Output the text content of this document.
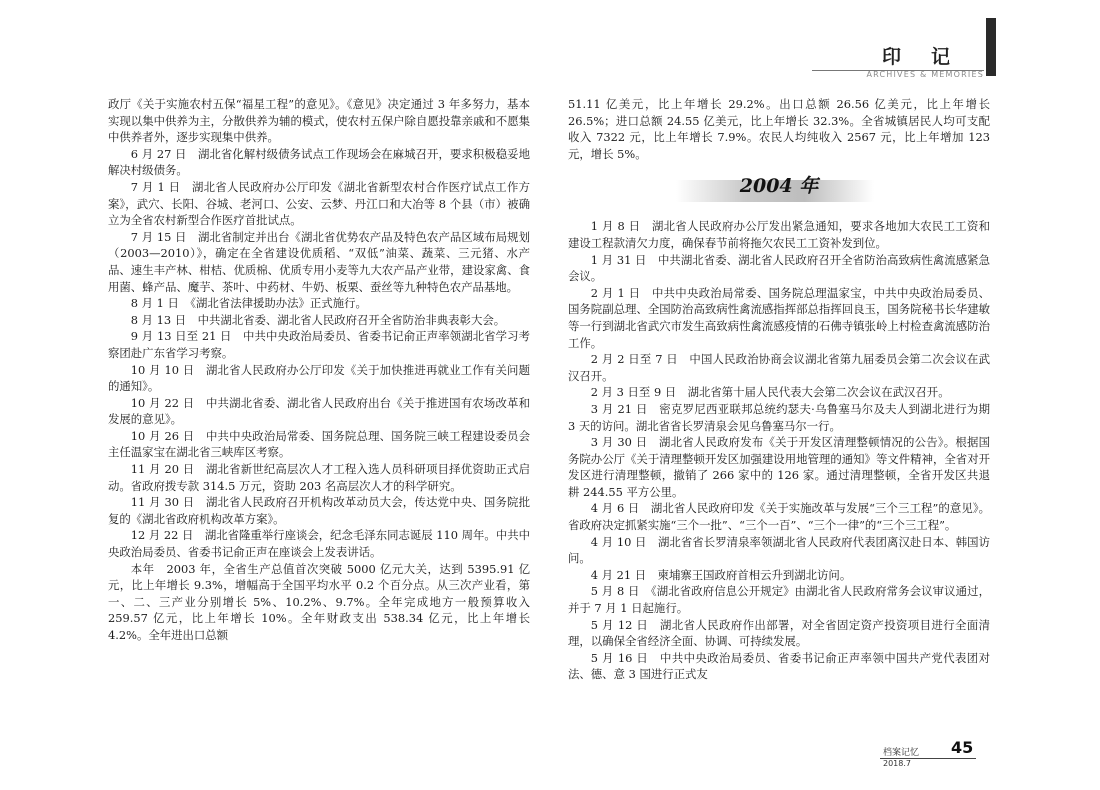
印记
ARCHIVES & MEMORIES

政厅《关于实施农村五保“福星工程”的意见》。《意见》决定通过 3 年多努力，基本实现以集中供养为主，分散供养为辅的模式，使农村五保户除自愿投靠亲戚和不愿集中供养者外，逐步实现集中供养。

6 月 27 日　湖北省化解村级债务试点工作现场会在麻城召开，要求积极稳妥地解决村级债务。

7 月 1 日　湖北省人民政府办公厅印发《湖北省新型农村合作医疗试点工作方案》，武穴、长阳、谷城、老河口、公安、云梦、丹江口和大冶等 8 个县（市）被确立为全省农村新型合作医疗首批试点。

7 月 15 日　湖北省制定并出台《湖北省优势农产品及特色农产品区域布局规划（2003—2010）》，确定在全省建设优质稻、“双低”油菜、蔬菜、三元猪、水产品、速生丰产林、柑桔、优质棉、优质专用小麦等九大农产品产业带，建设家禽、食用菌、蜂产品、魔芋、茶叶、中药材、牛奶、板栗、蚕丝等九种特色农产品基地。

8 月 1 日　《湖北省法律援助办法》正式施行。

8 月 13 日　中共湖北省委、湖北省人民政府召开全省防治非典表彰大会。

9 月 13 日至 21 日　中共中央政治局委员、省委书记俞正声率领湖北省学习考察团赴广东省学习考察。

10 月 10 日　湖北省人民政府办公厅印发《关于加快推进再就业工作有关问题的通知》。

10 月 22 日　中共湖北省委、湖北省人民政府出台《关于推进国有农场改革和发展的意见》。

10 月 26 日　中共中央政治局常委、国务院总理、国务院三峡工程建设委员会主任温家宝在湖北省三峡库区考察。

11 月 20 日　湖北省新世纪高层次人才工程入选人员科研项目择优资助正式启动。省政府拨专款 314.5 万元，资助 203 名高层次人才的科学研究。

11 月 30 日　湖北省人民政府召开机构改革动员大会，传达党中央、国务院批复的《湖北省政府机构改革方案》。

12 月 22 日　湖北省隆重举行座谈会，纪念毛泽东同志诞辰 110 周年。中共中央政治局委员、省委书记俞正声在座谈会上发表讲话。

本年　2003 年，全省生产总值首次突破 5000 亿元大关，达到 5395.91 亿元，比上年增长 9.3%，增幅高于全国平均水平 0.2 个百分点。从三次产业看，第一、二、三产业分别增长 5%、10.2%、9.7%。全年完成地方一般预算收入 259.57 亿元，比上年增长 10%。全年财政支出 538.34 亿元，比上年增长 4.2%。全年进出口总额

51.11 亿美元，比上年增长 29.2%。出口总额 26.56 亿美元，比上年增长 26.5%；进口总额 24.55 亿美元，比上年增长 32.3%。全省城镇居民人均可支配收入 7322 元，比上年增长 7.9%。农民人均纯收入 2567 元，比上年增加 123 元，增长 5%。

2004 年

1 月 8 日　湖北省人民政府办公厅发出紧急通知，要求各地加大农民工工资和建设工程款清欠力度，确保春节前将拖欠农民工工资补发到位。

1 月 31 日　中共湖北省委、湖北省人民政府召开全省防治高致病性禽流感紧急会议。

2 月 1 日　中共中央政治局常委、国务院总理温家宝，中共中央政治局委员、国务院副总理、全国防治高致病性禽流感指挥部总指挥回良玉，国务院秘书长华建敏等一行到湖北省武穴市发生高致病性禽流感疫情的石佛寺镇张岭上村检查禽流感防治工作。

2 月 2 日至 7 日　中国人民政治协商会议湖北省第九届委员会第二次会议在武汉召开。

2 月 3 日至 9 日　湖北省第十届人民代表大会第二次会议在武汉召开。

3 月 21 日　密克罗尼西亚联邦总统约瑟夫·乌鲁塞马尔及夫人到湖北进行为期 3 天的访问。湖北省省长罗清泉会见乌鲁塞马尔一行。

3 月 30 日　湖北省人民政府发布《关于开发区清理整顿情况的公告》。根据国务院办公厅《关于清理整顿开发区加强建设用地管理的通知》等文件精神，全省对开发区进行清理整顿，撤销了 266 家中的 126 家。通过清理整顿，全省开发区共退耕 244.55 平方公里。

4 月 6 日　湖北省人民政府印发《关于实施改革与发展“三个三工程”的意见》。省政府决定抓紧实施“三个一批”、“三个一百”、“三个一律”的“三个三工程”。

4 月 10 日　湖北省省长罗清泉率领湖北省人民政府代表团离汉赴日本、韩国访问。

4 月 21 日　柬埔寨王国政府首相云升到湖北访问。

5 月 8 日　《湖北省政府信息公开规定》由湖北省人民政府常务会议审议通过，并于 7 月 1 日起施行。

5 月 12 日　湖北省人民政府作出部署，对全省固定资产投资项目进行全面清理，以确保全省经济全面、协调、可持续发展。

5 月 16 日　中共中央政治局委员、省委书记俞正声率领中国共产党代表团对法、德、意 3 国进行正式友

档案记忆 45
2018.7
